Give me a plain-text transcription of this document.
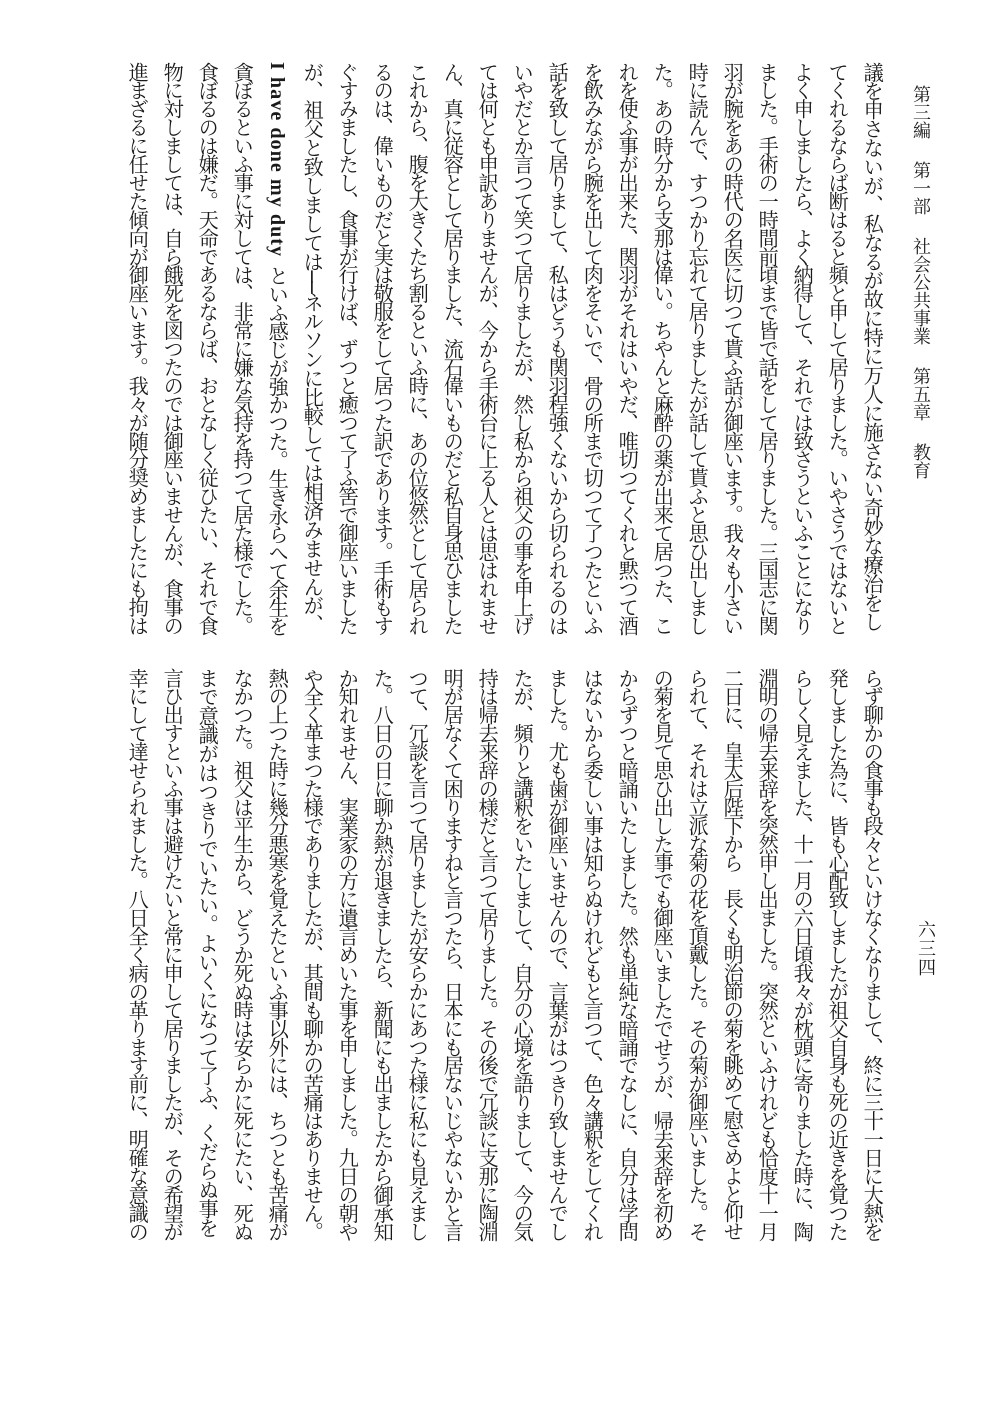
第三編
第一部
社会公共事業
第五章
教育
六三四
議を申さないが、私なるが故に特に万人に施さない奇妙な療治をし
てくれるならば断はると頻と申して居りました。いやさうではないと
よく申しましたら、よく納得して、それでは致さうといふことになり
ました。手術の一時間前頃まで皆で話をして居りました。三国志に関
羽が腕をあの時代の名医に切つて貰ふ話が御座います。我々も小さい
時に読んで、すつかり忘れて居りましたが話して貰ふと思ひ出しまし
た。あの時分から支那は偉い。ちやんと麻酔の薬が出来て居つた、こ
れを使ふ事が出来た、関羽がそれはいやだ、唯切つてくれと黙つて酒
を飲みながら腕を出して肉をそいで、骨の所まで切つて了つたといふ
話を致して居りまして、私はどうも関羽程強くないから切られるのは
いやだとか言つて笑つて居りましたが、然し私から祖父の事を申上げ
ては何とも申訳ありませんが、今から手術台に上る人とは思はれませ
ん、真に従容として居りました、流石偉いものだと私自身思ひました
これから、腹を大きくたち割るといふ時に、あの位悠然として居られ
るのは、偉いものだと実は敬服をして居つた訳であります。手術もす
ぐすみましたし、食事が行けば、ずつと癒つて了ふ筈で御座いました
が、祖父と致しましては──ネルソンに比較しては相済みませんが、
I have done my duty といふ感じが強かつた。生き永らへて余生を
貪ぼるといふ事に対しては、非常に嫌な気持を持つて居た様でした。
食ぼるのは嫌だ。天命であるならば、おとなしく従ひたい、それで食
物に対しましては、自ら餓死を図つたのでは御座いませんが、食事の
進まざるに任せた傾向が御座います。我々が随分奨めましたにも拘は
らず聊かの食事も段々といけなくなりまして、終に三十一日に大熱を
発しました為に、皆も心配致しましたが祖父自身も死の近きを覚つた
らしく見えました、十一月の六日頃我々が枕頭に寄りました時に、陶
淵明の帰去来辞を突然申し出ました。突然といふけれども恰度十一月
二日に、皇太后陛下から長くも明治節の菊を眺めて慰さめよと仰せ
られて、それは立派な菊の花を頂戴した。その菊が御座いました。そ
の菊を見て思ひ出した事でも御座いましたでせうが、帰去来辞を初め
からずつと暗誦いたしました。然も単純な暗誦でなしに、自分は学問
はないから委しい事は知らぬけれどもと言つて、色々講釈をしてくれ
ました。尤も歯が御座いませんので、言葉がはつきり致しませんでし
たが、頻りと講釈をいたしまして、自分の心境を語りまして、今の気
持は帰去来辞の様だと言つて居りました。その後で冗談に支那に陶淵
明が居なくて困りますねと言つたら、日本にも居ないじやないかと言
つて、冗談を言つて居りましたが安らかにあつた様に私にも見えまし
た。八日の日に聊か熱が退きましたら、新聞にも出ましたから御承知
か知れません、実業家の方に遺言めいた事を申しました。九日の朝や
や全く革まつた様でありましたが、其間も聊かの苦痛はありません。
熱の上つた時に幾分悪寒を覚えたといふ事以外には、ちつとも苦痛が
なかつた。祖父は平生から、どうか死ぬ時は安らかに死にたい、死ぬ
まで意識がはつきりでいたい。よいくになつて了ふ、くだらぬ事を
言ひ出すといふ事は避けたいと常に申して居りましたが、その希望が
幸にして達せられました。八日全く病の革ります前に、明確な意識の
